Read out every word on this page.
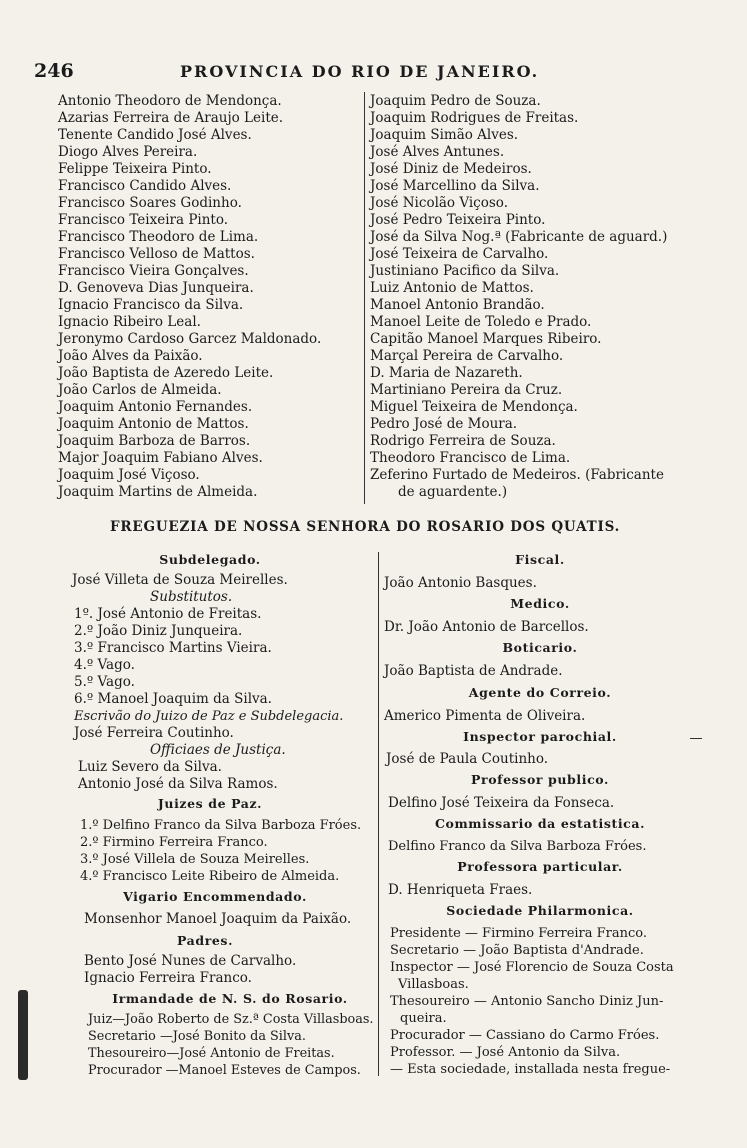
246	PROVINCIA DO RIO DE JANEIRO.
Antonio Theodoro de Mendonça.
Azarias Ferreira de Araujo Leite.
Tenente Candido José Alves.
Diogo Alves Pereira.
Felippe Teixeira Pinto.
Francisco Candido Alves.
Francisco Soares Godinho.
Francisco Teixeira Pinto.
Francisco Theodoro de Lima.
Francisco Velloso de Mattos.
Francisco Vieira Gonçalves.
D. Genoveva Dias Junqueira.
Ignacio Francisco da Silva.
Ignacio Ribeiro Leal.
Jeronymo Cardoso Garcez Maldonado.
João Alves da Paixão.
João Baptista de Azeredo Leite.
João Carlos de Almeida.
Joaquim Antonio Fernandes.
Joaquim Antonio de Mattos.
Joaquim Barboza de Barros.
Major Joaquim Fabiano Alves.
Joaquim José Viçoso.
Joaquim Martins de Almeida.
Joaquim Pedro de Souza.
Joaquim Rodrigues de Freitas.
Joaquim Simão Alves.
José Alves Antunes.
José Diniz de Medeiros.
José Marcellino da Silva.
José Nicolão Viçoso.
José Pedro Teixeira Pinto.
José da Silva Nog.ª (Fabricante de aguard.)
José Teixeira de Carvalho.
Justiniano Pacifico da Silva.
Luiz Antonio de Mattos.
Manoel Antonio Brandão.
Manoel Leite de Toledo e Prado.
Capitão Manoel Marques Ribeiro.
Marçal Pereira de Carvalho.
D. Maria de Nazareth.
Martiniano Pereira da Cruz.
Miguel Teixeira de Mendonça.
Pedro José de Moura.
Rodrigo Ferreira de Souza.
Theodoro Francisco de Lima.
Zeferino Furtado de Medeiros. (Fabricante
de aguardente.)
FREGUEZIA DE NOSSA SENHORA DO ROSARIO DOS QUATIS.
Subdelegado.
José Villeta de Souza Meirelles.
Substitutos.
1º. José Antonio de Freitas.
2.º João Diniz Junqueira.
3.º Francisco Martins Vieira.
4.º Vago.
5.º Vago.
6.º Manoel Joaquim da Silva.
Escrivão do Juizo de Paz e Subdelegacia.
José Ferreira Coutinho.
Officiaes de Justiça.
Luiz Severo da Silva.
Antonio José da Silva Ramos.
Juizes de Paz.
1.º Delfino Franco da Silva Barboza Fróes.
2.º Firmino Ferreira Franco.
3.º José Villela de Souza Meirelles.
4.º Francisco Leite Ribeiro de Almeida.
Vigario Encommendado.
Monsenhor Manoel Joaquim da Paixão.
Padres.
Bento José Nunes de Carvalho.
Ignacio Ferreira Franco.
Irmandade de N. S. do Rosario.
Juiz—João Roberto de Sz.ª Costa Villasboas.
Secretario —José Bonito da Silva.
Thesoureiro—José Antonio de Freitas.
Procurador —Manoel Esteves de Campos.
Fiscal.
João Antonio Basques.
Medico.
Dr. João Antonio de Barcellos.
Boticario.
João Baptista de Andrade.
Agente do Correio.
Americo Pimenta de Oliveira.
Inspector parochial.
José de Paula Coutinho.
Professor publico.
Delfino José Teixeira da Fonseca.
Commissario da estatistica.
Delfino Franco da Silva Barboza Fróes.
Professora particular.
D. Henriqueta Fraes.
Sociedade Philarmonica.
Presidente — Firmino Ferreira Franco.
Secretario — João Baptista d'Andrade.
Inspector — José Florencio de Souza Costa
Villasboas.
Thesoureiro — Antonio Sancho Diniz Jun-
queira.
Procurador — Cassiano do Carmo Fróes.
Professor. — José Antonio da Silva.
— Esta sociedade, installada nesta fregue-
